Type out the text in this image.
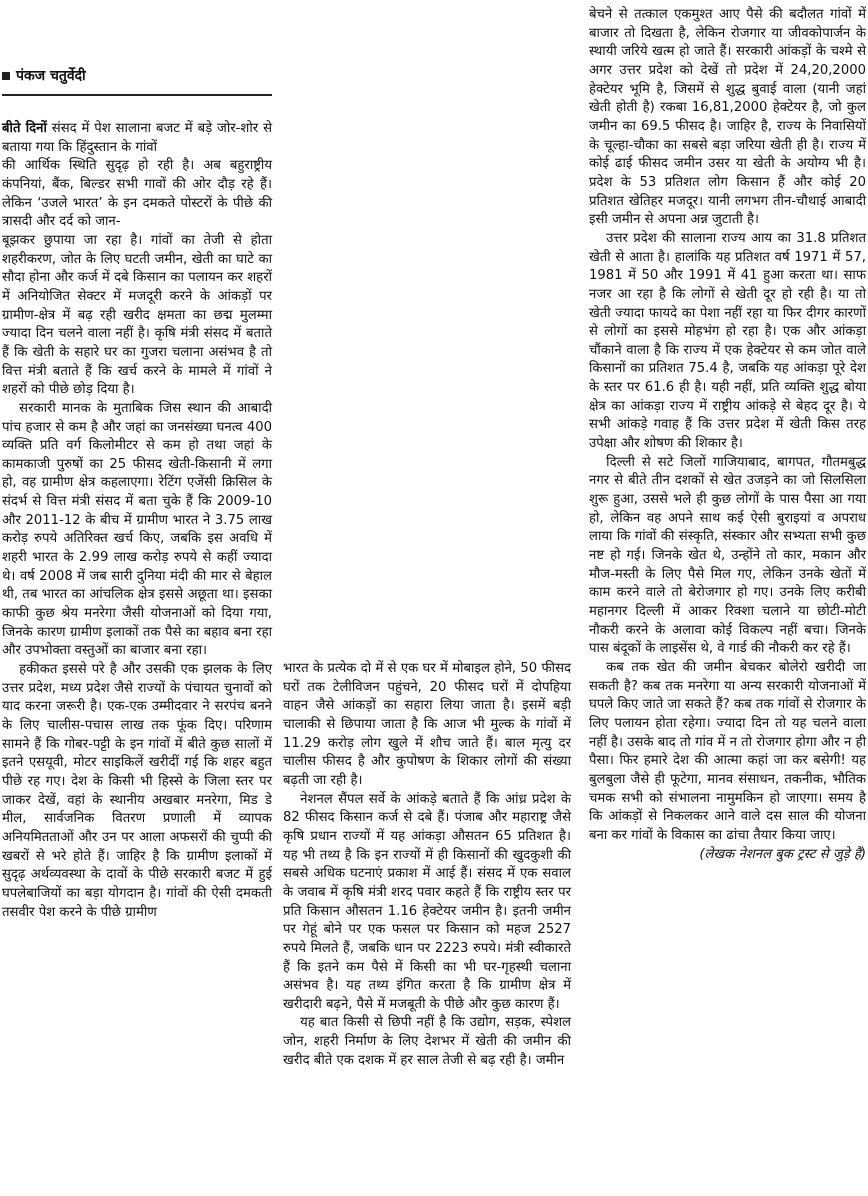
पंकज चतुर्वेदी

बीते दिनों संसद में पेश सालाना बजट में बड़े जोर-शोर से बताया गया कि हिंदुस्तान के गांवों

की आर्थिक स्थिति सुदृढ़ हो रही है। अब बहुराष्ट्रीय कंपनियां, बैंक, बिल्डर सभी गावों की ओर दौड़ रहे हैं। लेकिन ‘उजले भारत’ के इन दमकते पोस्टरों के पीछे की त्रासदी और दर्द को जान-

बूझकर छुपाया जा रहा है। गांवों का तेजी से होता शहरीकरण, जोत के लिए घटती जमीन, खेती का घाटे का सौदा होना और कर्ज में दबे किसान का पलायन कर शहरों में अनियोजित सेक्टर में मजदूरी करने के आंकड़ों पर ग्रामीण-क्षेत्र में बढ़ रही खरीद क्षमता का छद्म मुलम्मा ज्यादा दिन चलने वाला नहीं है। कृषि मंत्री संसद में बताते हैं कि खेती के सहारे घर का गुजरा चलाना असंभव है तो वित्त मंत्री बताते हैं कि खर्च करने के मामले में गांवों ने शहरों को पीछे छोड़ दिया है।

सरकारी मानक के मुताबिक जिस स्थान की आबादी पांच हजार से कम है और जहां का जनसंख्या घनत्व 400 व्यक्ति प्रति वर्ग किलोमीटर से कम हो तथा जहां के कामकाजी पुरुषों का 25 फीसद खेती-किसानी में लगा हो, वह ग्रामीण क्षेत्र कहलाएगा। रेटिंग एजेंसी क्रिसिल के संदर्भ से वित्त मंत्री संसद में बता चुके हैं कि 2009-10 और 2011-12 के बीच में ग्रामीण भारत ने 3.75 लाख करोड़ रुपये अतिरिक्त खर्च किए, जबकि इस अवधि में शहरी भारत के 2.99 लाख करोड़ रुपये से कहीं ज्यादा थे। वर्ष 2008 में जब सारी दुनिया मंदी की मार से बेहाल थी, तब भारत का आंचलिक क्षेत्र इससे अछूता था। इसका काफी कुछ श्रेय मनरेगा जैसी योजनाओं को दिया गया, जिनके कारण ग्रामीण इलाकों तक पैसे का बहाव बना रहा और उपभोक्ता वस्तुओं का बाजार बना रहा।

हकीकत इससे परे है और उसकी एक झलक के लिए उत्तर प्रदेश, मध्य प्रदेश जैसे राज्यों के पंचायत चुनावों को याद करना जरूरी है। एक-एक उम्मीदवार ने सरपंच बनने के लिए चालीस-पचास लाख तक फूंक दिए। परिणाम सामने हैं कि गोबर-पट्टी के इन गांवों में बीते कुछ सालों में इतने एसयूवी, मोटर साइकिलें खरीदीं गई कि शहर बहुत पीछे रह गए। देश के किसी भी हिस्से के जिला स्तर पर जाकर देखें, वहां के स्थानीय अखबार मनरेगा, मिड डे मील, सार्वजनिक वितरण प्रणाली में व्यापक अनियमितताओं और उन पर आला अफसरों की चुप्पी की खबरों से भरे होते हैं। जाहिर है कि ग्रामीण इलाकों में सुदृढ़ अर्थव्यवस्था के दावों के पीछे सरकारी बजट में हुई घपलेबाजियों का बड़ा योगदान है। गांवों की ऐसी दमकती तसवीर पेश करने के पीछे ग्रामीण

भारत के प्रत्येक दो में से एक घर में मोबाइल होने, 50 फीसद घरों तक टेलीविजन पहुंचने, 20 फीसद घरों में दोपहिया वाहन जैसे आंकड़ों का सहारा लिया जाता है। इसमें बड़ी चालाकी से छिपाया जाता है कि आज भी मुल्क के गांवों में 11.29 करोड़ लोग खुले में शौच जाते हैं। बाल मृत्यु दर चालीस फीसद है और कुपोषण के शिकार लोगों की संख्या बढ़ती जा रही है।

नेशनल सैंपल सर्वे के आंकड़े बताते हैं कि आंध्र प्रदेश के 82 फीसद किसान कर्ज से दबे हैं। पंजाब और महाराष्ट्र जैसे कृषि प्रधान राज्यों में यह आंकड़ा औसतन 65 प्रतिशत है। यह भी तथ्य है कि इन राज्यों में ही किसानों की खुदकुशी की सबसे अधिक घटनाएं प्रकाश में आई हैं। संसद में एक सवाल के जवाब में कृषि मंत्री शरद पवार कहते हैं कि राष्ट्रीय स्तर पर प्रति किसान औसतन 1.16 हेक्टेयर जमीन है। इतनी जमीन पर गेहूं बोने पर एक फसल पर किसान को महज 2527 रुपये मिलते हैं, जबकि धान पर 2223 रुपये। मंत्री स्वीकारते हैं कि इतने कम पैसे में किसी का भी घर-गृहस्थी चलाना असंभव है। यह तथ्य इंगित करता है कि ग्रामीण क्षेत्र में खरीदारी बढ़ने, पैसे में मजबूती के पीछे और कुछ कारण हैं।

यह बात किसी से छिपी नहीं है कि उद्योग, सड़क, स्पेशल जोन, शहरी निर्माण के लिए देशभर में खेती की जमीन की खरीद बीते एक दशक में हर साल तेजी से बढ़ रही है। जमीन

बेचने से तत्काल एकमुश्त आए पैसे की बदौलत गांवों में बाजार तो दिखता है, लेकिन रोजगार या जीवकोपार्जन के स्थायी जरिये खत्म हो जाते हैं। सरकारी आंकड़ों के चश्मे से अगर उत्तर प्रदेश को देखें तो प्रदेश में 24,20,2000 हेक्टेयर भूमि है, जिसमें से शुद्ध बुवाई वाला (यानी जहां खेती होती है) रकबा 16,81,2000 हेक्टेयर है, जो कुल जमीन का 69.5 फीसद है। जाहिर है, राज्य के निवासियों के चूल्हा-चौका का सबसे बड़ा जरिया खेती ही है। राज्य में कोई ढाई फीसद जमीन उसर या खेती के अयोग्य भी है। प्रदेश के 53 प्रतिशत लोग किसान हैं और कोई 20 प्रतिशत खेतिहर मजदूर। यानी लगभग तीन-चौथाई आबादी इसी जमीन से अपना अन्न जुटाती है।

उत्तर प्रदेश की सालाना राज्य आय का 31.8 प्रतिशत खेती से आता है। हालांकि यह प्रतिशत वर्ष 1971 में 57, 1981 में 50 और 1991 में 41 हुआ करता था। साफ नजर आ रहा है कि लोगों से खेती दूर हो रही है। या तो खेती ज्यादा फायदे का पेशा नहीं रहा या फिर दीगर कारणों से लोगों का इससे मोहभंग हो रहा है। एक और आंकड़ा चौंकाने वाला है कि राज्य में एक हेक्टेयर से कम जोत वाले किसानों का प्रतिशत 75.4 है, जबकि यह आंकड़ा पूरे देश के स्तर पर 61.6 ही है। यही नहीं, प्रति व्यक्ति शुद्ध बोया क्षेत्र का आंकड़ा राज्य में राष्ट्रीय आंकड़े से बेहद दूर है। ये सभी आंकड़े गवाह हैं कि उत्तर प्रदेश में खेती किस तरह उपेक्षा और शोषण की शिकार है।

दिल्ली से सटे जिलों गाजियाबाद, बागपत, गौतमबुद्ध नगर से बीते तीन दशकों से खेत उजड़ने का जो सिलसिला शुरू हुआ, उससे भले ही कुछ लोगों के पास पैसा आ गया हो, लेकिन वह अपने साथ कई ऐसी बुराइयां व अपराध लाया कि गांवों की संस्कृति, संस्कार और सभ्यता सभी कुछ नष्ट हो गई। जिनके खेत थे, उन्होंने तो कार, मकान और मौज-मस्ती के लिए पैसे मिल गए, लेकिन उनके खेतों में काम करने वाले तो बेरोजगार हो गए। उनके लिए करीबी महानगर दिल्ली में आकर रिक्शा चलाने या छोटी-मोटी नौकरी करने के अलावा कोई विकल्प नहीं बचा। जिनके पास बंदूकों के लाइसेंस थे, वे गार्ड की नौकरी कर रहे हैं।

कब तक खेत की जमीन बेचकर बोलेरो खरीदी जा सकती है? कब तक मनरेगा या अन्य सरकारी योजनाओं में घपले किए जाते जा सकते हैं? कब तक गांवों से रोजगार के लिए पलायन होता रहेगा। ज्यादा दिन तो यह चलने वाला नहीं है। उसके बाद तो गांव में न तो रोजगार होगा और न ही पैसा। फिर हमारे देश की आत्मा कहां जा कर बसेगी! यह बुलबुला जैसे ही फूटेगा, मानव संसाधन, तकनीक, भौतिक चमक सभी को संभालना नामुमकिन हो जाएगा। समय है कि आंकड़ों से निकलकर आने वाले दस साल की योजना बना कर गांवों के विकास का ढांचा तैयार किया जाए।

(लेखक नेशनल बुक ट्रस्ट से जुड़े हैं)
